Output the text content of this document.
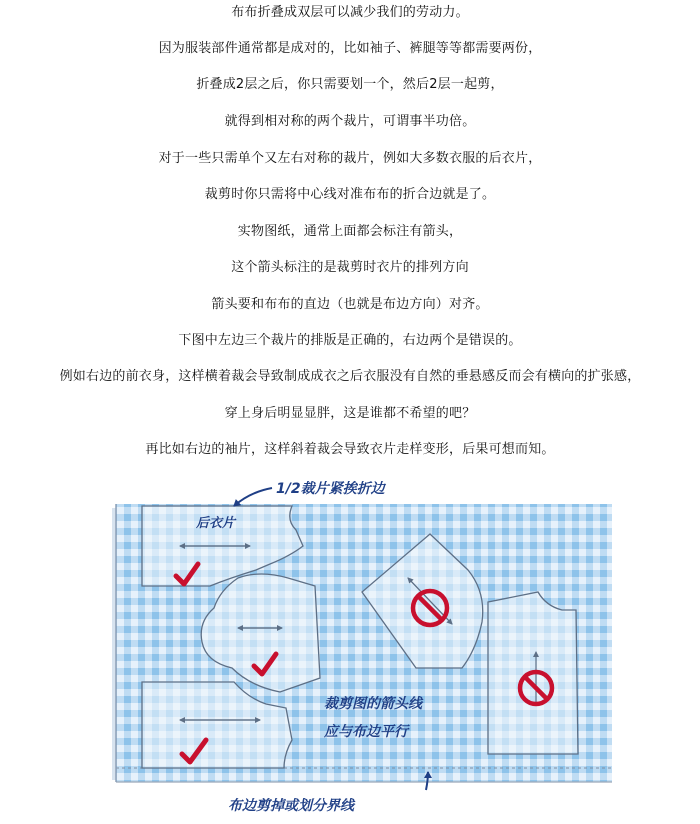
布布折叠成双层可以减少我们的劳动力。
因为服装部件通常都是成对的，比如袖子、裤腿等等都需要两份，
折叠成2层之后，你只需要划一个，然后2层一起剪，
就得到相对称的两个裁片，可谓事半功倍。
对于一些只需单个又左右对称的裁片，例如大多数衣服的后衣片，
裁剪时你只需将中心线对准布布的折合边就是了。
实物图纸，通常上面都会标注有箭头，
这个箭头标注的是裁剪时衣片的排列方向
箭头要和布布的直边（也就是布边方向）对齐。
下图中左边三个裁片的排版是正确的，右边两个是错误的。
例如右边的前衣身，这样横着裁会导致制成成衣之后衣服没有自然的垂悬感反而会有横向的扩张感，
穿上身后明显显胖，这是谁都不希望的吧？
再比如右边的袖片，这样斜着裁会导致衣片走样变形，后果可想而知。
1/2裁片紧挨折边
后衣片
裁剪图的箭头线
应与布边平行
布边剪掉或划分界线
